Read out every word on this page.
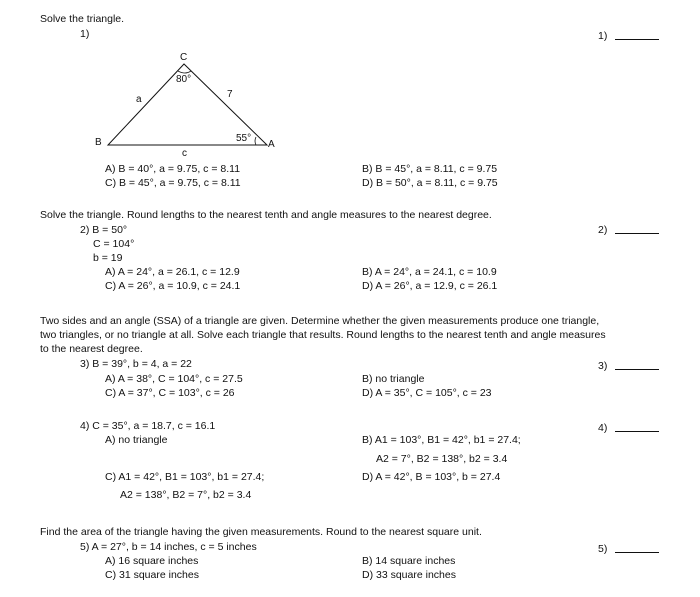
Solve the triangle.
1)	1)
C
B	A
80°
55°
a	7
c
A) B = 40°, a = 9.75, c = 8.11	B) B = 45°, a = 8.11, c = 9.75
C) B = 45°, a = 9.75, c = 8.11	D) B = 50°, a = 8.11, c = 9.75
Solve the triangle. Round lengths to the nearest tenth and angle measures to the nearest degree.
2) B = 50°
C = 104°
b = 19
2)
A) A = 24°, a = 26.1, c = 12.9	B) A = 24°, a = 24.1, c = 10.9
C) A = 26°, a = 10.9, c = 24.1	D) A = 26°, a = 12.9, c = 26.1
Two sides and an angle (SSA) of a triangle are given. Determine whether the given measurements produce one triangle,
two triangles, or no triangle at all. Solve each triangle that results. Round lengths to the nearest tenth and angle measures
to the nearest degree.
3) B = 39°, b = 4, a = 22	3)
A) A = 38°, C = 104°, c = 27.5	B) no triangle
C) A = 37°, C = 103°, c = 26	D) A = 35°, C = 105°, c = 23
4) C = 35°, a = 18.7, c = 16.1	4)
A) no triangle	B) A1 = 103°, B1 = 42°, b1 = 27.4;
A2 = 7°, B2 = 138°, b2 = 3.4
C) A1 = 42°, B1 = 103°, b1 = 27.4;
A2 = 138°, B2 = 7°, b2 = 3.4
D) A = 42°, B = 103°, b = 27.4
Find the area of the triangle having the given measurements. Round to the nearest square unit.
5) A = 27°, b = 14 inches, c = 5 inches	5)
A) 16 square inches	B) 14 square inches
C) 31 square inches	D) 33 square inches
